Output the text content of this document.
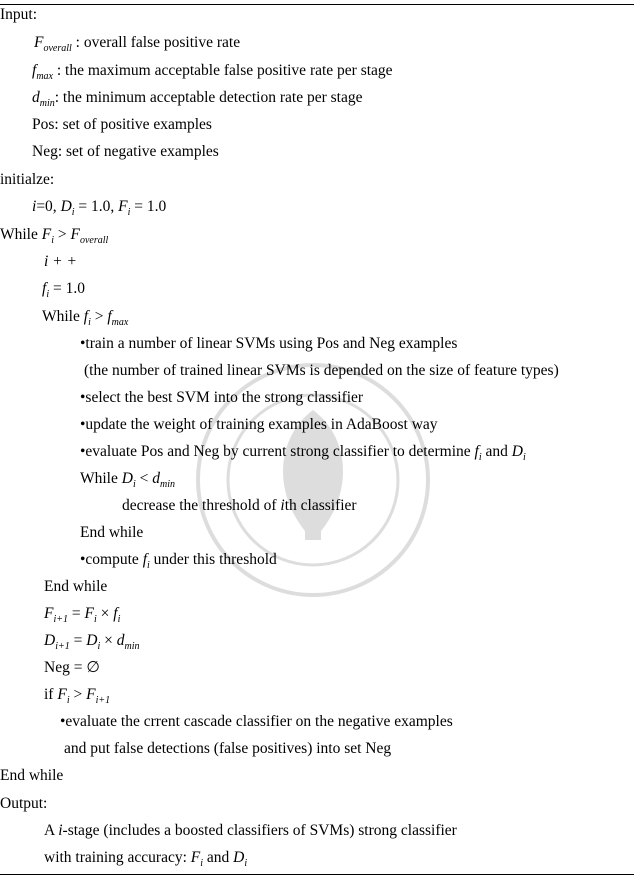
Input:
$F_{overall}$ : overall false positive rate
$f_{max}$ : the maximum acceptable false positive rate per stage
$d_{min}$: the minimum acceptable detection rate per stage
Pos: set of positive examples
Neg: set of negative examples
initialze:
i=0, $D_i = 1.0$, $F_i = 1.0$
While $F_i > F_{overall}$
i + +
$f_i = 1.0$
While $f_i > f_{max}$
•train a number of linear SVMs using Pos and Neg examples
(the number of trained linear SVMs is depended on the size of feature types)
•select the best SVM into the strong classifier
•update the weight of training examples in AdaBoost way
•evaluate Pos and Neg by current strong classifier to determine $f_i$ and $D_i$
While $D_i < d_{min}$
decrease the threshold of ith classifier
End while
•compute $f_i$ under this threshold
End while
$F_{i+1} = F_i \times f_i$
$D_{i+1} = D_i \times d_{min}$
Neg = ∅
if $F_i > F_{i+1}$
•evaluate the crrent cascade classifier on the negative examples
and put false detections (false positives) into set Neg
End while
Output:
A i-stage (includes a boosted classifiers of SVMs) strong classifier
with training accuracy: $F_i$ and $D_i$
